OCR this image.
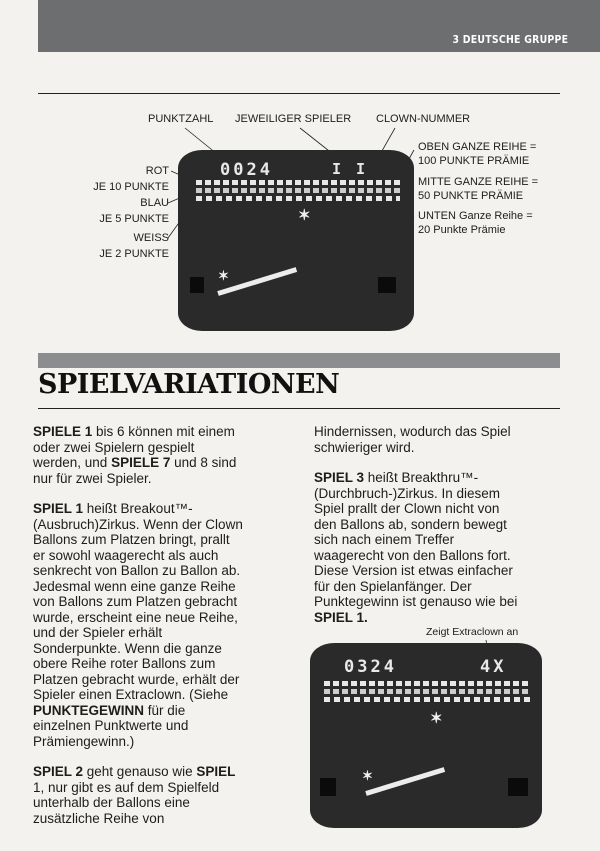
3 DEUTSCHE GRUPPE
PUNKTZAHL JEWEILIGER SPIELER CLOWN-NUMMER
ROT
JE 10 PUNKTE
BLAU
JE 5 PUNKTE
WEISS
JE 2 PUNKTE
OBEN GANZE REIHE =
100 PUNKTE PRÄMIE
MITTE GANZE REIHE =
50 PUNKTE PRÄMIE
UNTEN Ganze Reihe =
20 Punkte Prämie
0024	I I
✶
✶
SPIELVARIATIONEN

SPIELE 1 bis 6 können mit einem
oder zwei Spielern gespielt
werden, und SPIELE 7 und 8 sind
nur für zwei Spieler.

SPIEL 1 heißt Breakout™-
(Ausbruch)Zirkus. Wenn der Clown
Ballons zum Platzen bringt, prallt
er sowohl waagerecht als auch
senkrecht von Ballon zu Ballon ab.
Jedesmal wenn eine ganze Reihe
von Ballons zum Platzen gebracht
wurde, erscheint eine neue Reihe,
und der Spieler erhält
Sonderpunkte. Wenn die ganze
obere Reihe roter Ballons zum
Platzen gebracht wurde, erhält der
Spieler einen Extraclown. (Siehe
PUNKTEGEWINN für die
einzelnen Punktwerte und
Prämiengewinn.)

SPIEL 2 geht genauso wie SPIEL
1, nur gibt es auf dem Spielfeld
unterhalb der Ballons eine
zusätzliche Reihe von

Hindernissen, wodurch das Spiel
schwieriger wird.

SPIEL 3 heißt Breakthru™-
(Durchbruch-)Zirkus. In diesem
Spiel prallt der Clown nicht von
den Ballons ab, sondern bewegt
sich nach einem Treffer
waagerecht von den Ballons fort.
Diese Version ist etwas einfacher
für den Spielanfänger. Der
Punktegewinn ist genauso wie bei
SPIEL 1.

Zeigt Extraclown an
0324	4X
✶
✶
